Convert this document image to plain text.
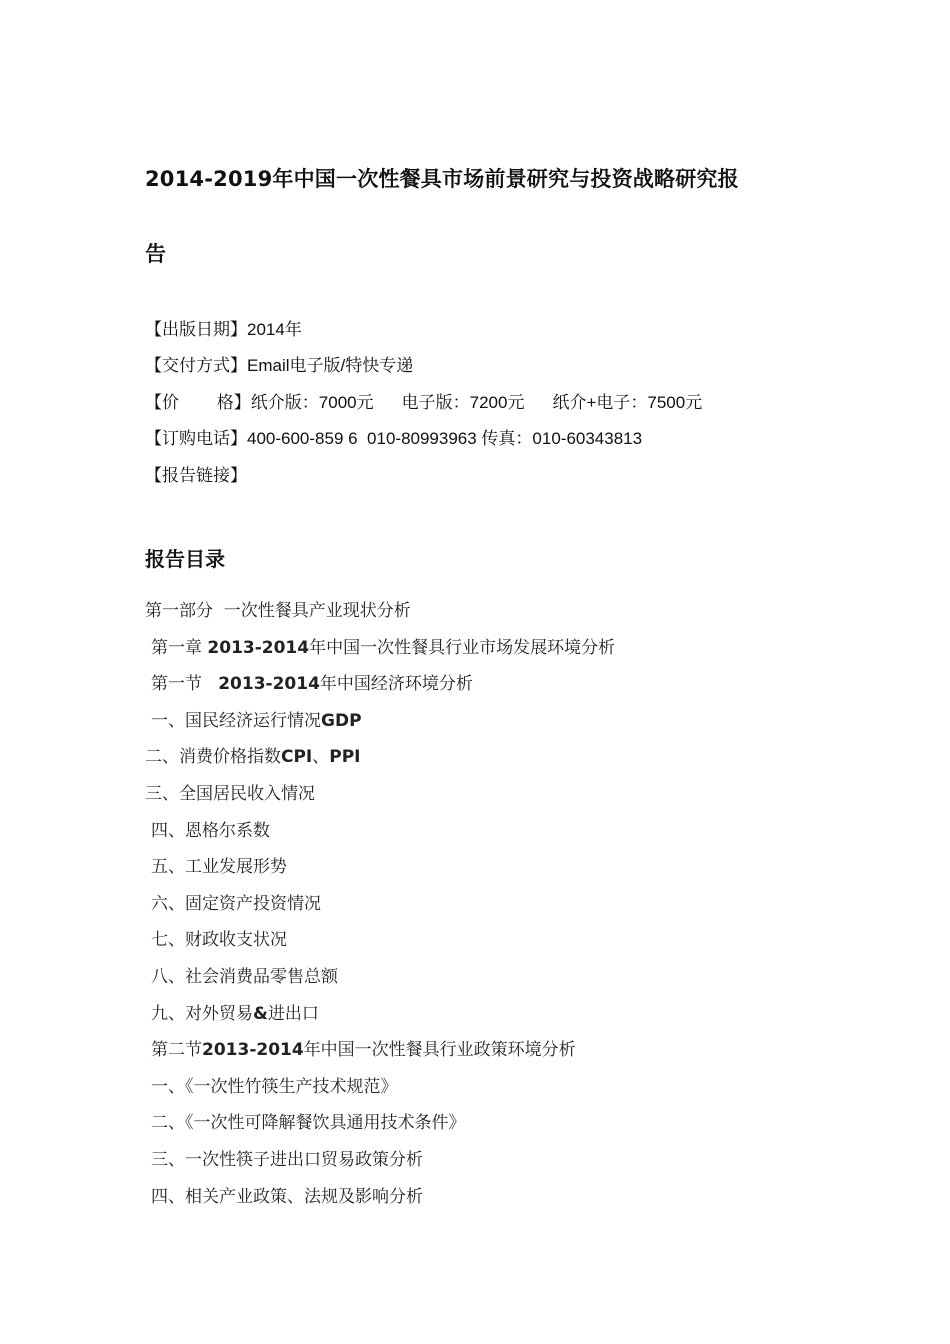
2014-2019年中国一次性餐具市场前景研究与投资战略研究报
告
【出版日期】2014年
【交付方式】Email电子版/特快专递
【价        格】纸介版：7000元 电子版：7200元 纸介+电子：7500元
【订购电话】400-600-859 6  010-80993963 传真：010-60343813
【报告链接】
报告目录
第一部分  一次性餐具产业现状分析
第一章 2013-2014年中国一次性餐具行业市场发展环境分析
第一节   2013-2014年中国经济环境分析
一、国民经济运行情况GDP
二、消费价格指数CPI、PPI
三、全国居民收入情况
四、恩格尔系数
五、工业发展形势
六、固定资产投资情况
七、财政收支状况
八、社会消费品零售总额
九、对外贸易&进出口
第二节2013-2014年中国一次性餐具行业政策环境分析
一、《一次性竹筷生产技术规范》
二、《一次性可降解餐饮具通用技术条件》
三、一次性筷子进出口贸易政策分析
四、相关产业政策、法规及影响分析
